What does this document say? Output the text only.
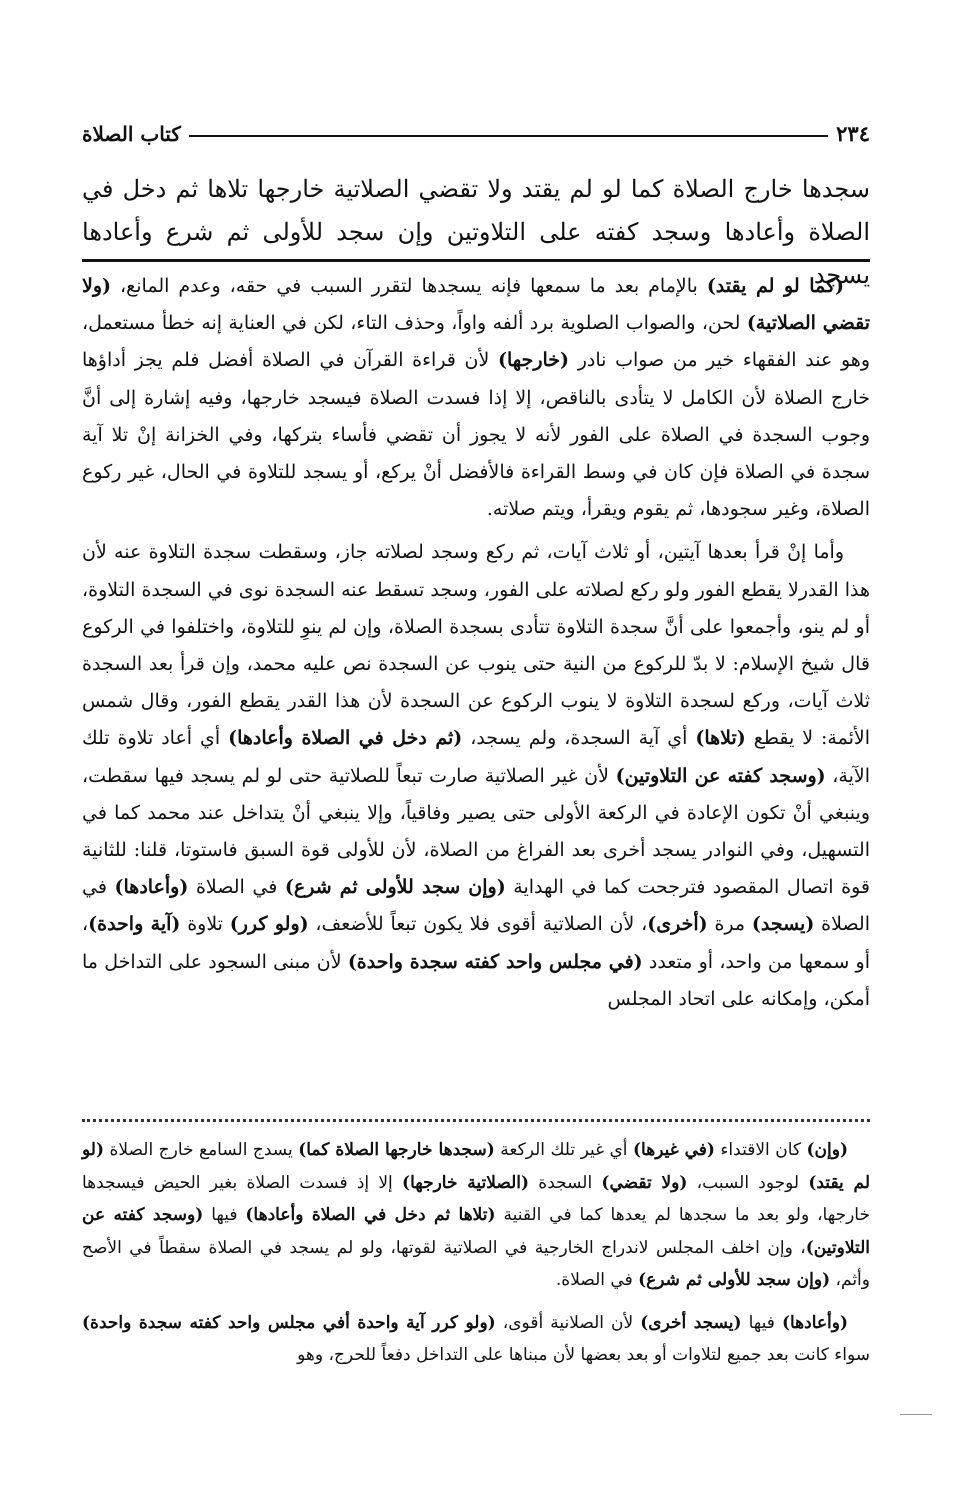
٢٣٤
كتاب الصلاة

سجدها خارج الصلاة كما لو لم يقتد ولا تقضي الصلاتية خارجها تلاها ثم دخل في

الصلاة وأعادها وسجد كفته على التلاوتين وإن سجد للأولى ثم شرع وأعادها يسجد

(كما لو لم يقتد) بالإمام بعد ما سمعها فإنه يسجدها لتقرر السبب في حقه، وعدم المانع، (ولا تقضي الصلاتية) لحن، والصواب الصلوية برد ألفه واواً، وحذف التاء، لكن في العناية إنه خطأ مستعمل، وهو عند الفقهاء خير من صواب نادر (خارجها) لأن قراءة القرآن في الصلاة أفضل فلم يجز أداؤها خارج الصلاة لأن الكامل لا يتأدى بالناقص، إلا إذا فسدت الصلاة فيسجد خارجها، وفيه إشارة إلى أنَّ وجوب السجدة في الصلاة على الفور لأنه لا يجوز أن تقضي فأساء بتركها، وفي الخزانة إنْ تلا آية سجدة في الصلاة فإن كان في وسط القراءة فالأفضل أنْ يركع، أو يسجد للتلاوة في الحال، غير ركوع الصلاة، وغير سجودها، ثم يقوم ويقرأ، ويتم صلاته.

وأما إنْ قرأ بعدها آيتين، أو ثلاث آيات، ثم ركع وسجد لصلاته جاز، وسقطت سجدة التلاوة عنه لأن هذا القدرلا يقطع الفور ولو ركع لصلاته على الفور، وسجد تسقط عنه السجدة نوى في السجدة التلاوة، أو لم ينو، وأجمعوا على أنَّ سجدة التلاوة تتأدى بسجدة الصلاة، وإن لم ينوِ للتلاوة، واختلفوا في الركوع قال شيخ الإسلام: لا بدّ للركوع من النية حتى ينوب عن السجدة نص عليه محمد، وإن قرأ بعد السجدة ثلاث آيات، وركع لسجدة التلاوة لا ينوب الركوع عن السجدة لأن هذا القدر يقطع الفور، وقال شمس الأئمة: لا يقطع (تلاها) أي آية السجدة، ولم يسجد، (ثم دخل في الصلاة وأعادها) أي أعاد تلاوة تلك الآية، (وسجد كفته عن التلاوتين) لأن غير الصلاتية صارت تبعاً للصلاتية حتى لو لم يسجد فيها سقطت، وينبغي أنْ تكون الإعادة في الركعة الأولى حتى يصير وفاقياً، وإلا ينبغي أنْ يتداخل عند محمد كما في التسهيل، وفي النوادر يسجد أخرى بعد الفراغ من الصلاة، لأن للأولى قوة السبق فاستوتا، قلنا: للثانية قوة اتصال المقصود فترجحت كما في الهداية (وإن سجد للأولى ثم شرع) في الصلاة (وأعادها) في الصلاة (يسجد) مرة (أخرى)، لأن الصلاتية أقوى فلا يكون تبعاً للأضعف، (ولو كرر) تلاوة (آية واحدة)، أو سمعها من واحد، أو متعدد (في مجلس واحد كفته سجدة واحدة) لأن مبنى السجود على التداخل ما أمكن، وإمكانه على اتحاد المجلس

(وإن) كان الاقتداء (في غيرها) أي غير تلك الركعة (سجدها خارجها الصلاة كما) يسدج السامع خارج الصلاة (لو لم يقتد) لوجود السبب، (ولا تقضي) السجدة (الصلاتية خارجها) إلا إذ فسدت الصلاة بغير الحيض فيسجدها خارجها، ولو بعد ما سجدها لم يعدها كما في القنية (تلاها ثم دخل في الصلاة وأعادها) فيها (وسجد كفته عن التلاوتين)، وإن اخلف المجلس لاندراج الخارجية في الصلاتية لقوتها، ولو لم يسجد في الصلاة سقطاً في الأصح وأثم، (وإن سجد للأولى ثم شرع) في الصلاة.

(وأعادها) فيها (يسجد أخرى) لأن الصلانية أقوى، (ولو كرر آية واحدة أفي مجلس واحد كفته سجدة واحدة) سواء كانت بعد جميع لتلاوات أو بعد بعضها لأن مبناها على التداخل دفعاً للحرج، وهو
